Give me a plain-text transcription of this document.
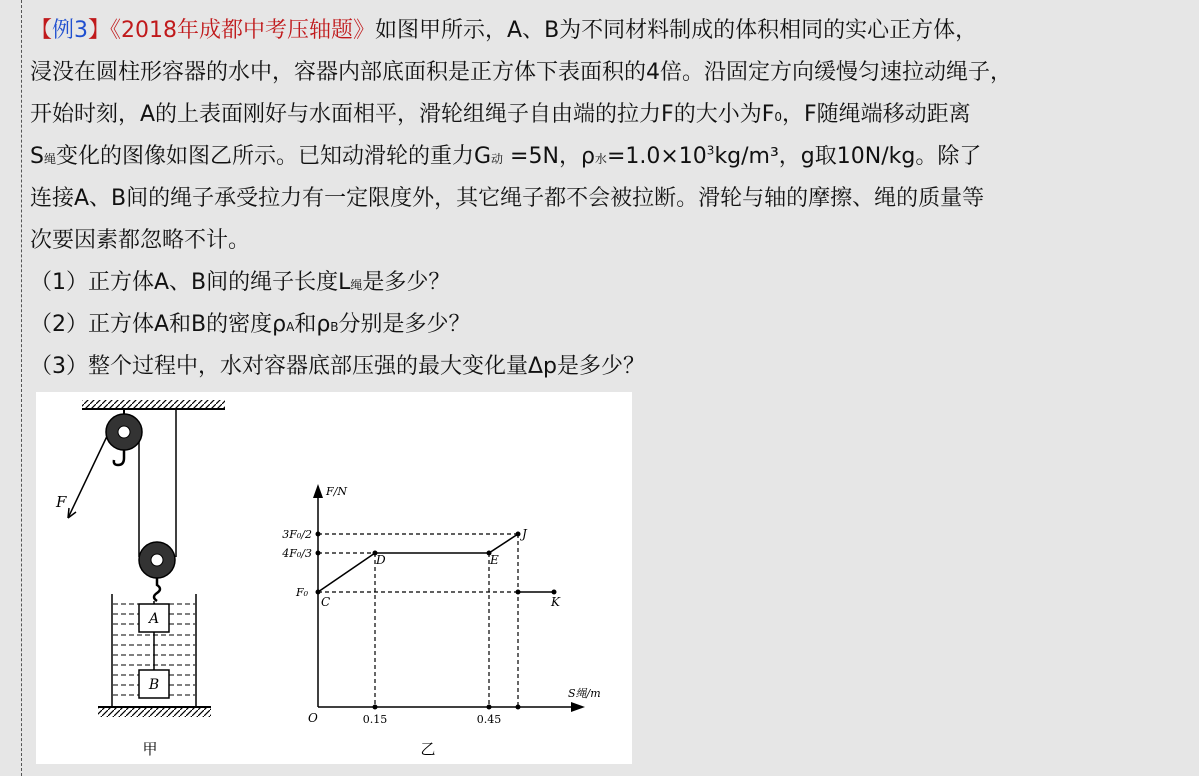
【例3】《2018年成都中考压轴题》如图甲所示，A、B为不同材料制成的体积相同的实心正方体，
浸没在圆柱形容器的水中，容器内部底面积是正方体下表面积的4倍。沿固定方向缓慢匀速拉动绳子，
开始时刻，A的上表面刚好与水面相平，滑轮组绳子自由端的拉力F的大小为F0，F随绳端移动距离
S绳变化的图像如图乙所示。已知动滑轮的重力G动 =5N，ρ水$=1.0\times 10^3kg/m^3$，g取10N/kg。除了
连接A、B间的绳子承受拉力有一定限度外，其它绳子都不会被拉断。滑轮与轴的摩擦、绳的质量等
次要因素都忽略不计。
（1）正方体A、B间的绳子长度L绳是多少？
（2）正方体A和B的密度ρA和ρB分别是多少？
（3）整个过程中，水对容器底部压强的最大变化量Δp是多少？
A
B
F
甲
F/N
S绳/m
O
3F₀/2
4F₀/3
F₀
0.15	0.45
C
D	E
J
K
乙
